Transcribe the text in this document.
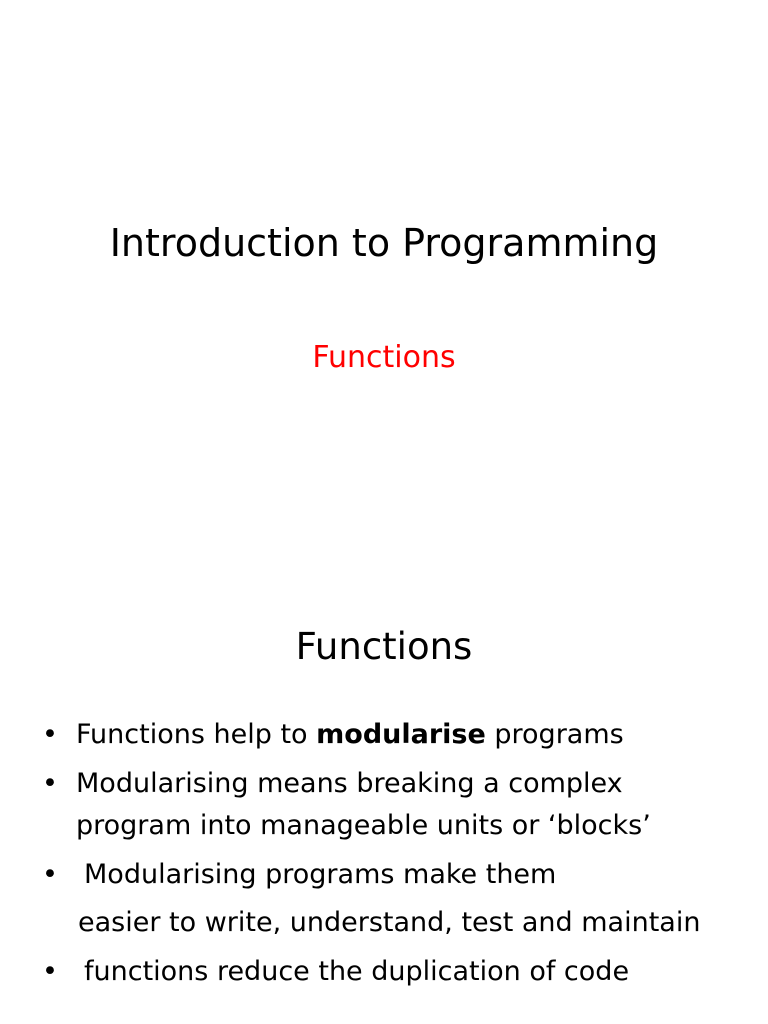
Introduction to Programming
Functions
Functions
• Functions help to modularise programs
• Modularising means breaking a complex
program into manageable units or ‘blocks’
• Modularising programs make them
easier to write, understand, test and maintain
• functions reduce the duplication of code
